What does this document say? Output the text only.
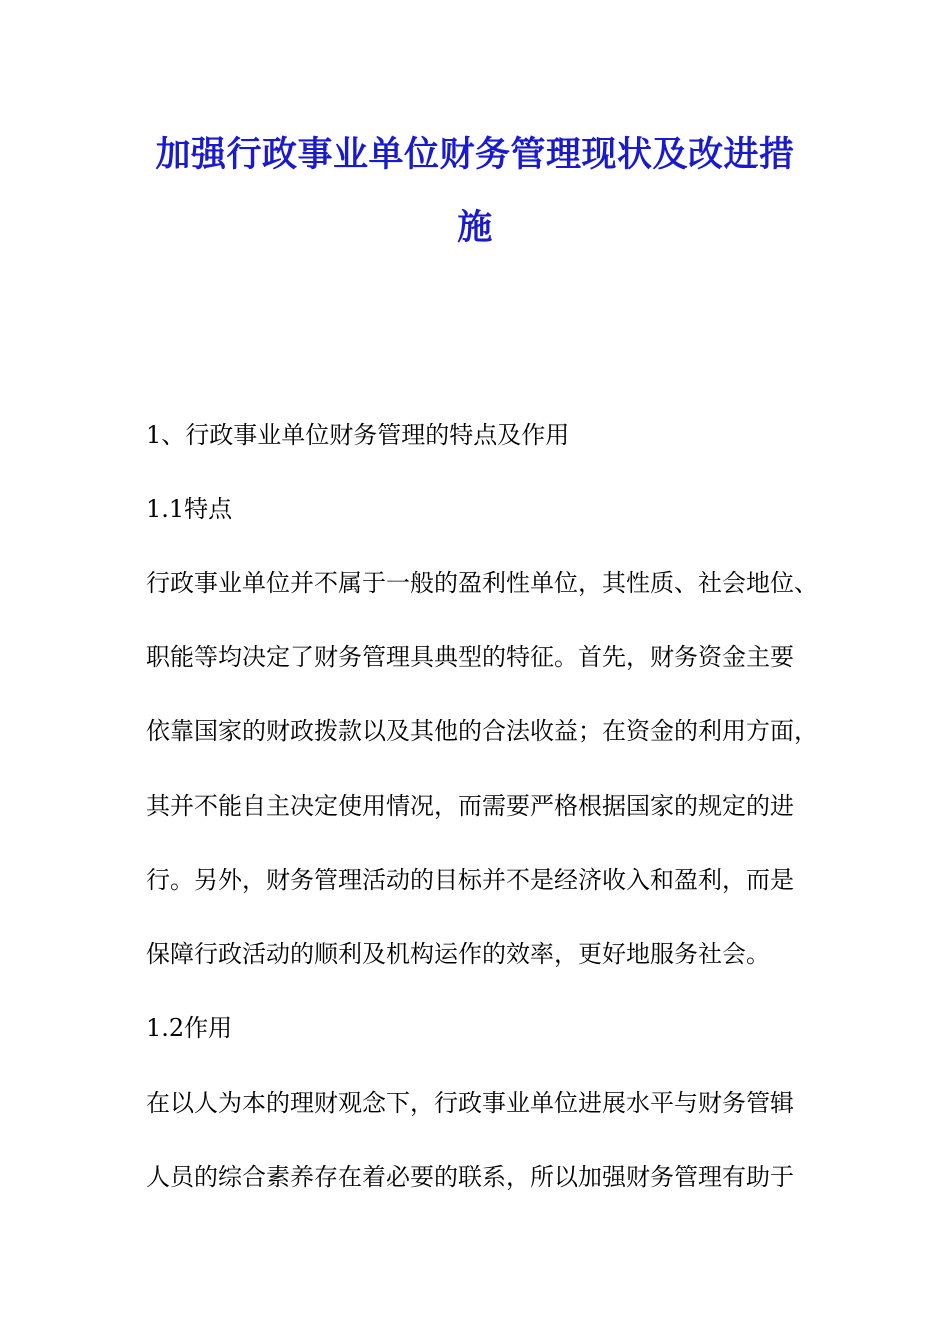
加强行政事业单位财务管理现状及改进措
施

1、行政事业单位财务管理的特点及作用

1.1特点

行政事业单位并不属于一般的盈利性单位，其性质、社会地位、

职能等均决定了财务管理具典型的特征。首先，财务资金主要

依靠国家的财政拨款以及其他的合法收益；在资金的利用方面，

其并不能自主决定使用情况，而需要严格根据国家的规定的进

行。另外，财务管理活动的目标并不是经济收入和盈利，而是

保障行政活动的顺利及机构运作的效率，更好地服务社会。

1.2作用

在以人为本的理财观念下，行政事业单位进展水平与财务管辑

人员的综合素养存在着必要的联系，所以加强财务管理有助于
